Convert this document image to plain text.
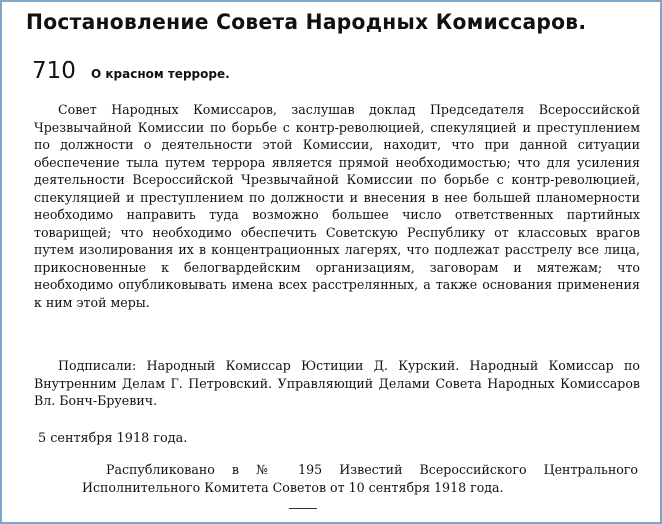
Постановление Совета Народных Комиссаров.
710 О красном терроре.

Совет Народных Комиссаров, заслушав доклад Председателя Всероссийской Чрезвычайной Комиссии по борьбе с контр-революцией, спекуляцией и преступлением по должности о деятельности этой Комиссии, находит, что при данной ситуации обеспечение тыла путем террора является прямой необходимостью; что для усиления деятельности Всероссийской Чрезвычайной Комиссии по борьбе с контр-революцией, спекуляцией и преступлением по должности и внесения в нее большей планомерности необходимо направить туда возможно большее число ответственных партийных товарищей; что необходимо обеспечить Советскую Республику от классовых врагов путем изолирования их в концентрационных лагерях, что подлежат расстрелу все лица, прикосновенные к белогвардейским организациям, заговорам и мятежам; что необходимо опубликовывать имена всех расстрелянных, а также основания применения к ним этой меры.

Подписали: Народный Комиссар Юстиции Д. Курский. Народный Комиссар по Внутренним Делам Г. Петровский. Управляющий Делами Совета Народных Комиссаров Вл. Бонч-Бруевич.

5 сентября 1918 года.

Распубликовано в № 195 Известий Всероссийского Центрального Исполнительного Комитета Советов от 10 сентября 1918 года.
